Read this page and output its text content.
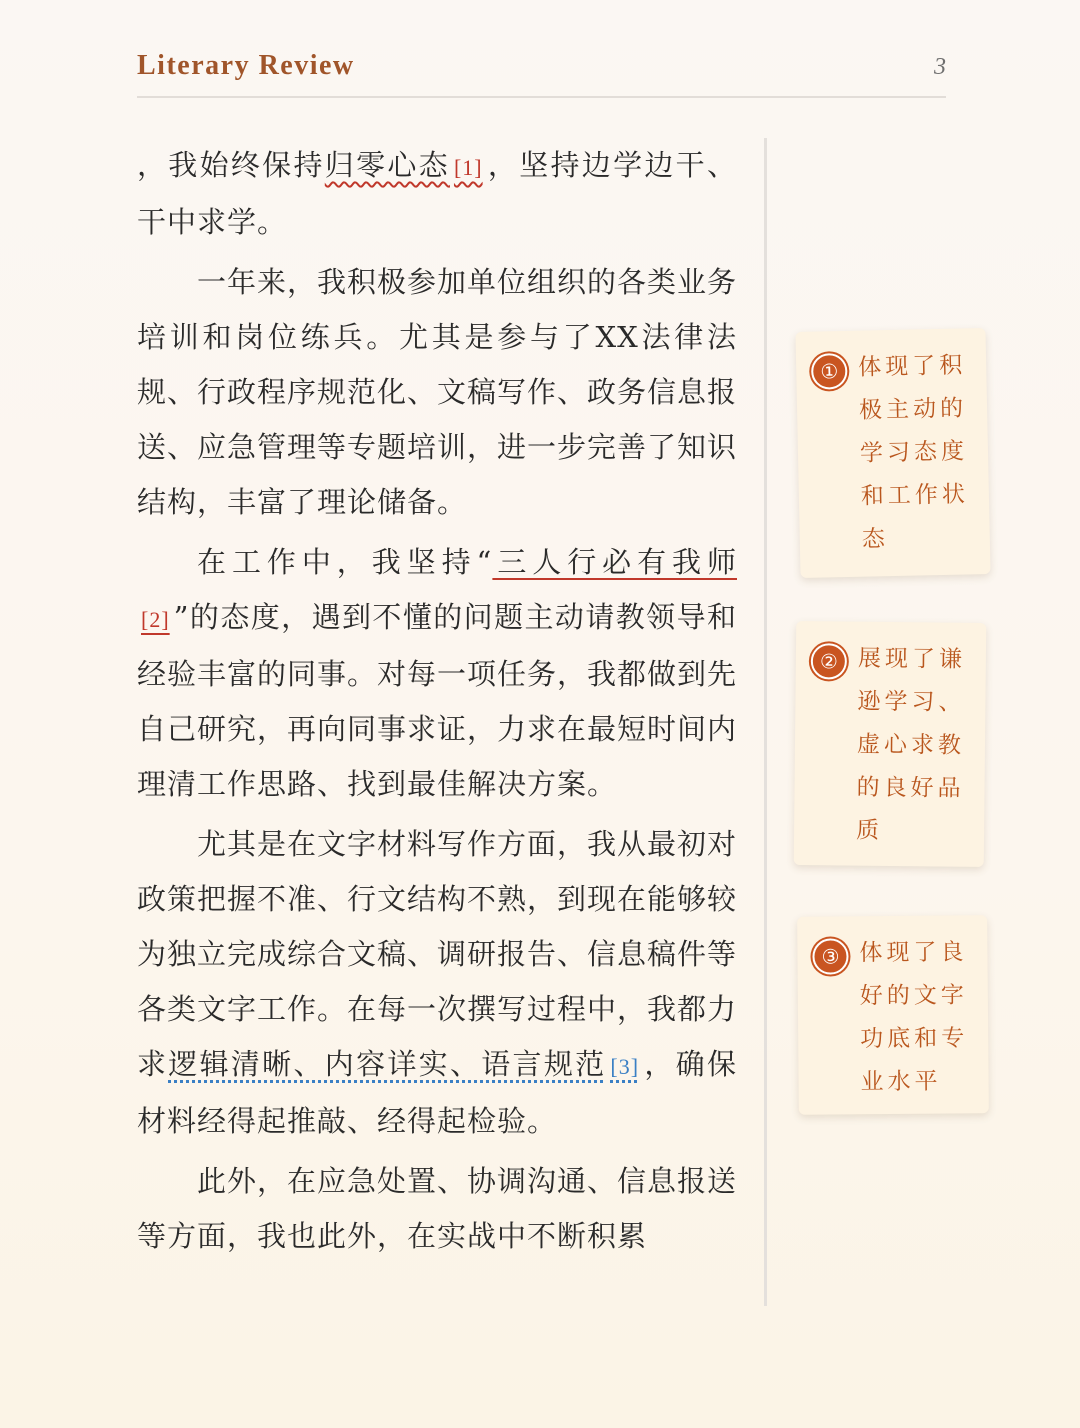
Literary Review	3

，我始终保持归零心态 [1] ，坚持边学边干、干中求学。

一年来，我积极参加单位组织的各类业务培训和岗位练兵。尤其是参与了XX法律法规、行政程序规范化、文稿写作、政务信息报送、应急管理等专题培训，进一步完善了知识结构，丰富了理论储备。

在工作中，我坚持“三人行必有我师 [2] ”的态度，遇到不懂的问题主动请教领导和经验丰富的同事。对每一项任务，我都做到先自己研究，再向同事求证，力求在最短时间内理清工作思路、找到最佳解决方案。

尤其是在文字材料写作方面，我从最初对政策把握不准、行文结构不熟，到现在能够较为独立完成综合文稿、调研报告、信息稿件等各类文字工作。在每一次撰写过程中，我都力求逻辑清晰、内容详实、语言规范 [3] ，确保材料经得起推敲、经得起检验。

此外，在应急处置、协调沟通、信息报送等方面，我也此外，在实战中不断积累

① 体现了积极主动的学习态度和工作状态
② 展现了谦逊学习、虚心求教的良好品质
③ 体现了良好的文字功底和专业水平
